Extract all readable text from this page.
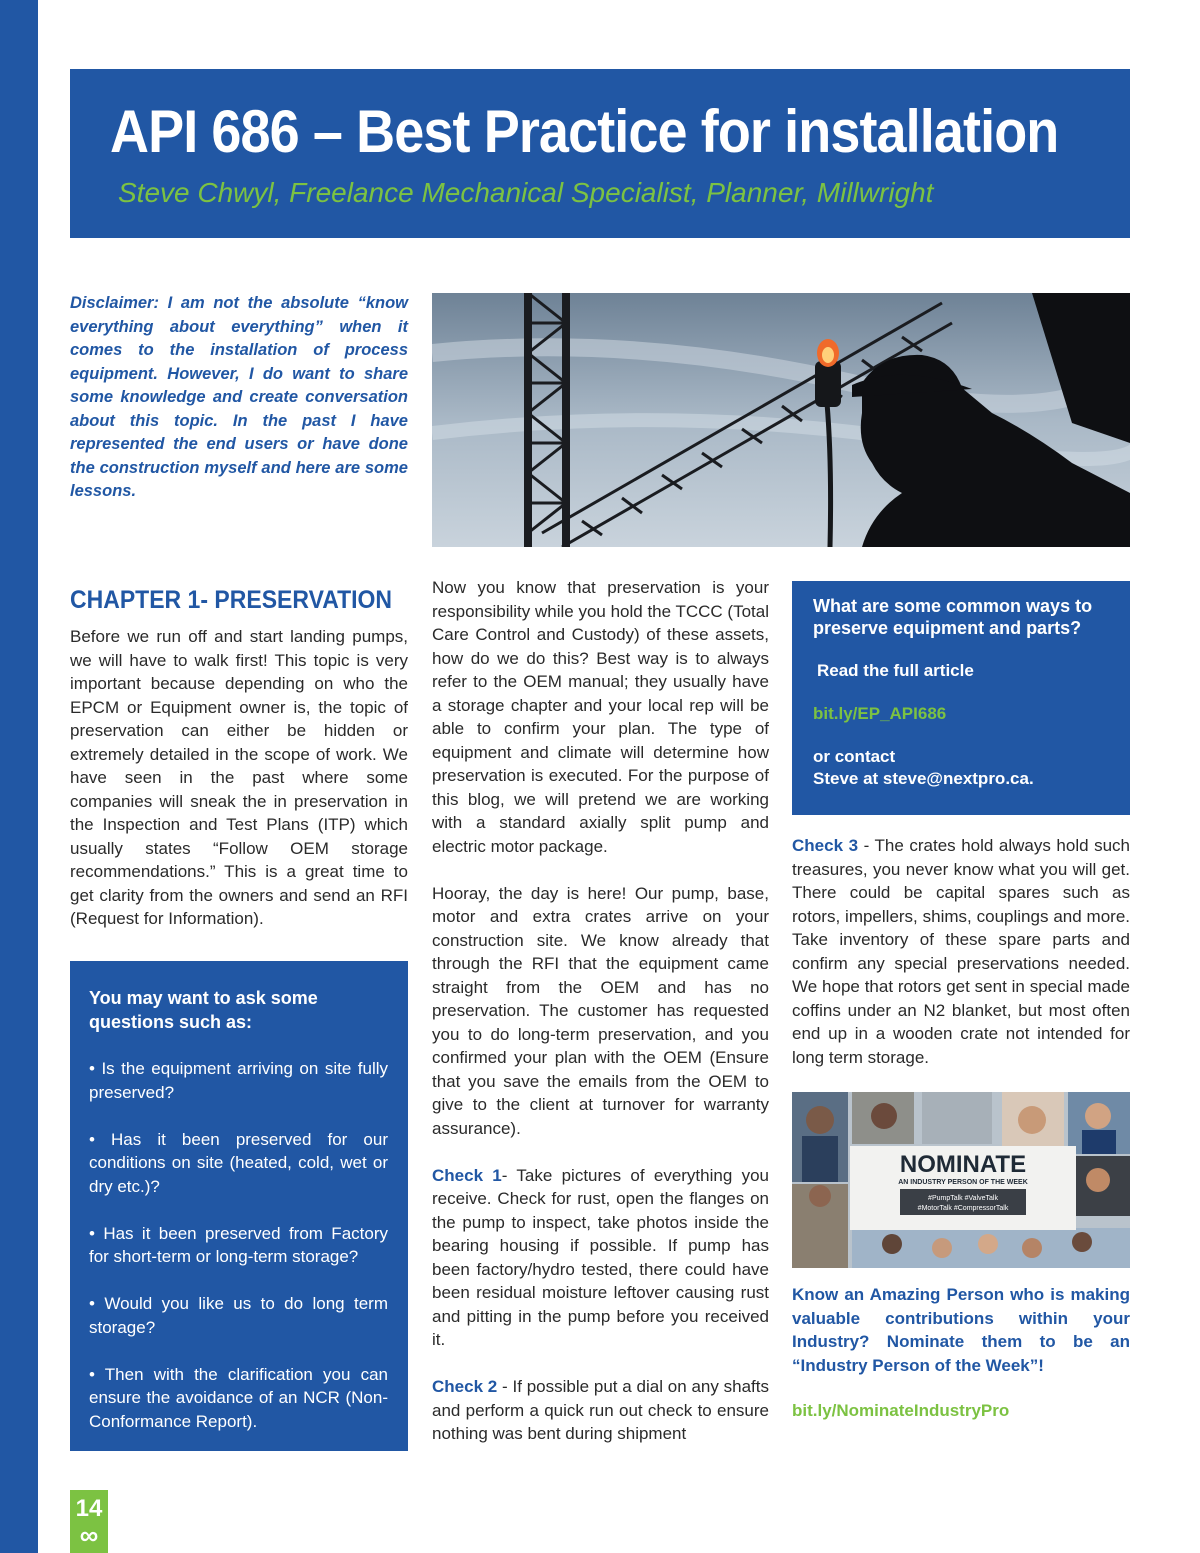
API 686 – Best Practice for installation

Steve Chwyl, Freelance Mechanical Specialist, Planner, Millwright

Disclaimer: I am not the absolute “know everything about everything” when it comes to the installation of process equipment. However, I do want to share some knowledge and create conversation about this topic. In the past I have represented the end users or have done the construction myself and here are some lessons.

CHAPTER 1- PRESERVATION

Before we run off and start landing pumps, we will have to walk first! This topic is very important because depending on who the EPCM or Equipment owner is, the topic of preservation can either be hidden or extremely detailed in the scope of work. We have seen in the past where some companies will sneak the in preservation in the Inspection and Test Plans (ITP) which usually states “Follow OEM storage recommendations.” This is a great time to get clarity from the owners and send an RFI (Request for Information).

You may want to ask some questions such as:

• Is the equipment arriving on site fully preserved?

• Has it been preserved for our conditions on site (heated, cold, wet or dry etc.)?

• Has it been preserved from Factory for short-term or long-term storage?

• Would you like us to do long term storage?

• Then with the clarification you can ensure the avoidance of an NCR (Non-Conformance Report).

Now you know that preservation is your responsibility while you hold the TCCC (Total Care Control and Custody) of these assets, how do we do this? Best way is to always refer to the OEM manual; they usually have a storage chapter and your local rep will be able to confirm your plan. The type of equipment and climate will determine how preservation is executed. For the purpose of this blog, we will pretend we are working with a standard axially split pump and electric motor package.

Hooray, the day is here! Our pump, base, motor and extra crates arrive on your construction site. We know already that through the RFI that the equipment came straight from the OEM and has no preservation. The customer has requested you to do long-term preservation, and you confirmed your plan with the OEM (Ensure that you save the emails from the OEM to give to the client at turnover for warranty assurance).

Check 1- Take pictures of everything you receive. Check for rust, open the flanges on the pump to inspect, take photos inside the bearing housing if possible. If pump has been factory/hydro tested, there could have been residual moisture leftover causing rust and pitting in the pump before you received it.

Check 2 - If possible put a dial on any shafts and perform a quick run out check to ensure nothing was bent during shipment

What are some common ways to preserve equipment and parts?

Read the full article

bit.ly/EP_API686

or contact

Steve at steve@nextpro.ca.

Check 3 - The crates hold always hold such treasures, you never know what you will get. There could be capital spares such as rotors, impellers, shims, couplings and more. Take inventory of these spare parts and confirm any special preservations needed. We hope that rotors get sent in special made coffins under an N2 blanket, but most often end up in a wooden crate not intended for long term storage.

NOMINATE
AN INDUSTRY PERSON OF THE WEEK
#PumpTalk #ValveTalk
#MotorTalk #CompressorTalk

Know an Amazing Person who is making valuable contributions within your Industry? Nominate them to be an “Industry Person of the Week”!

bit.ly/NominateIndustryPro

14
∞
